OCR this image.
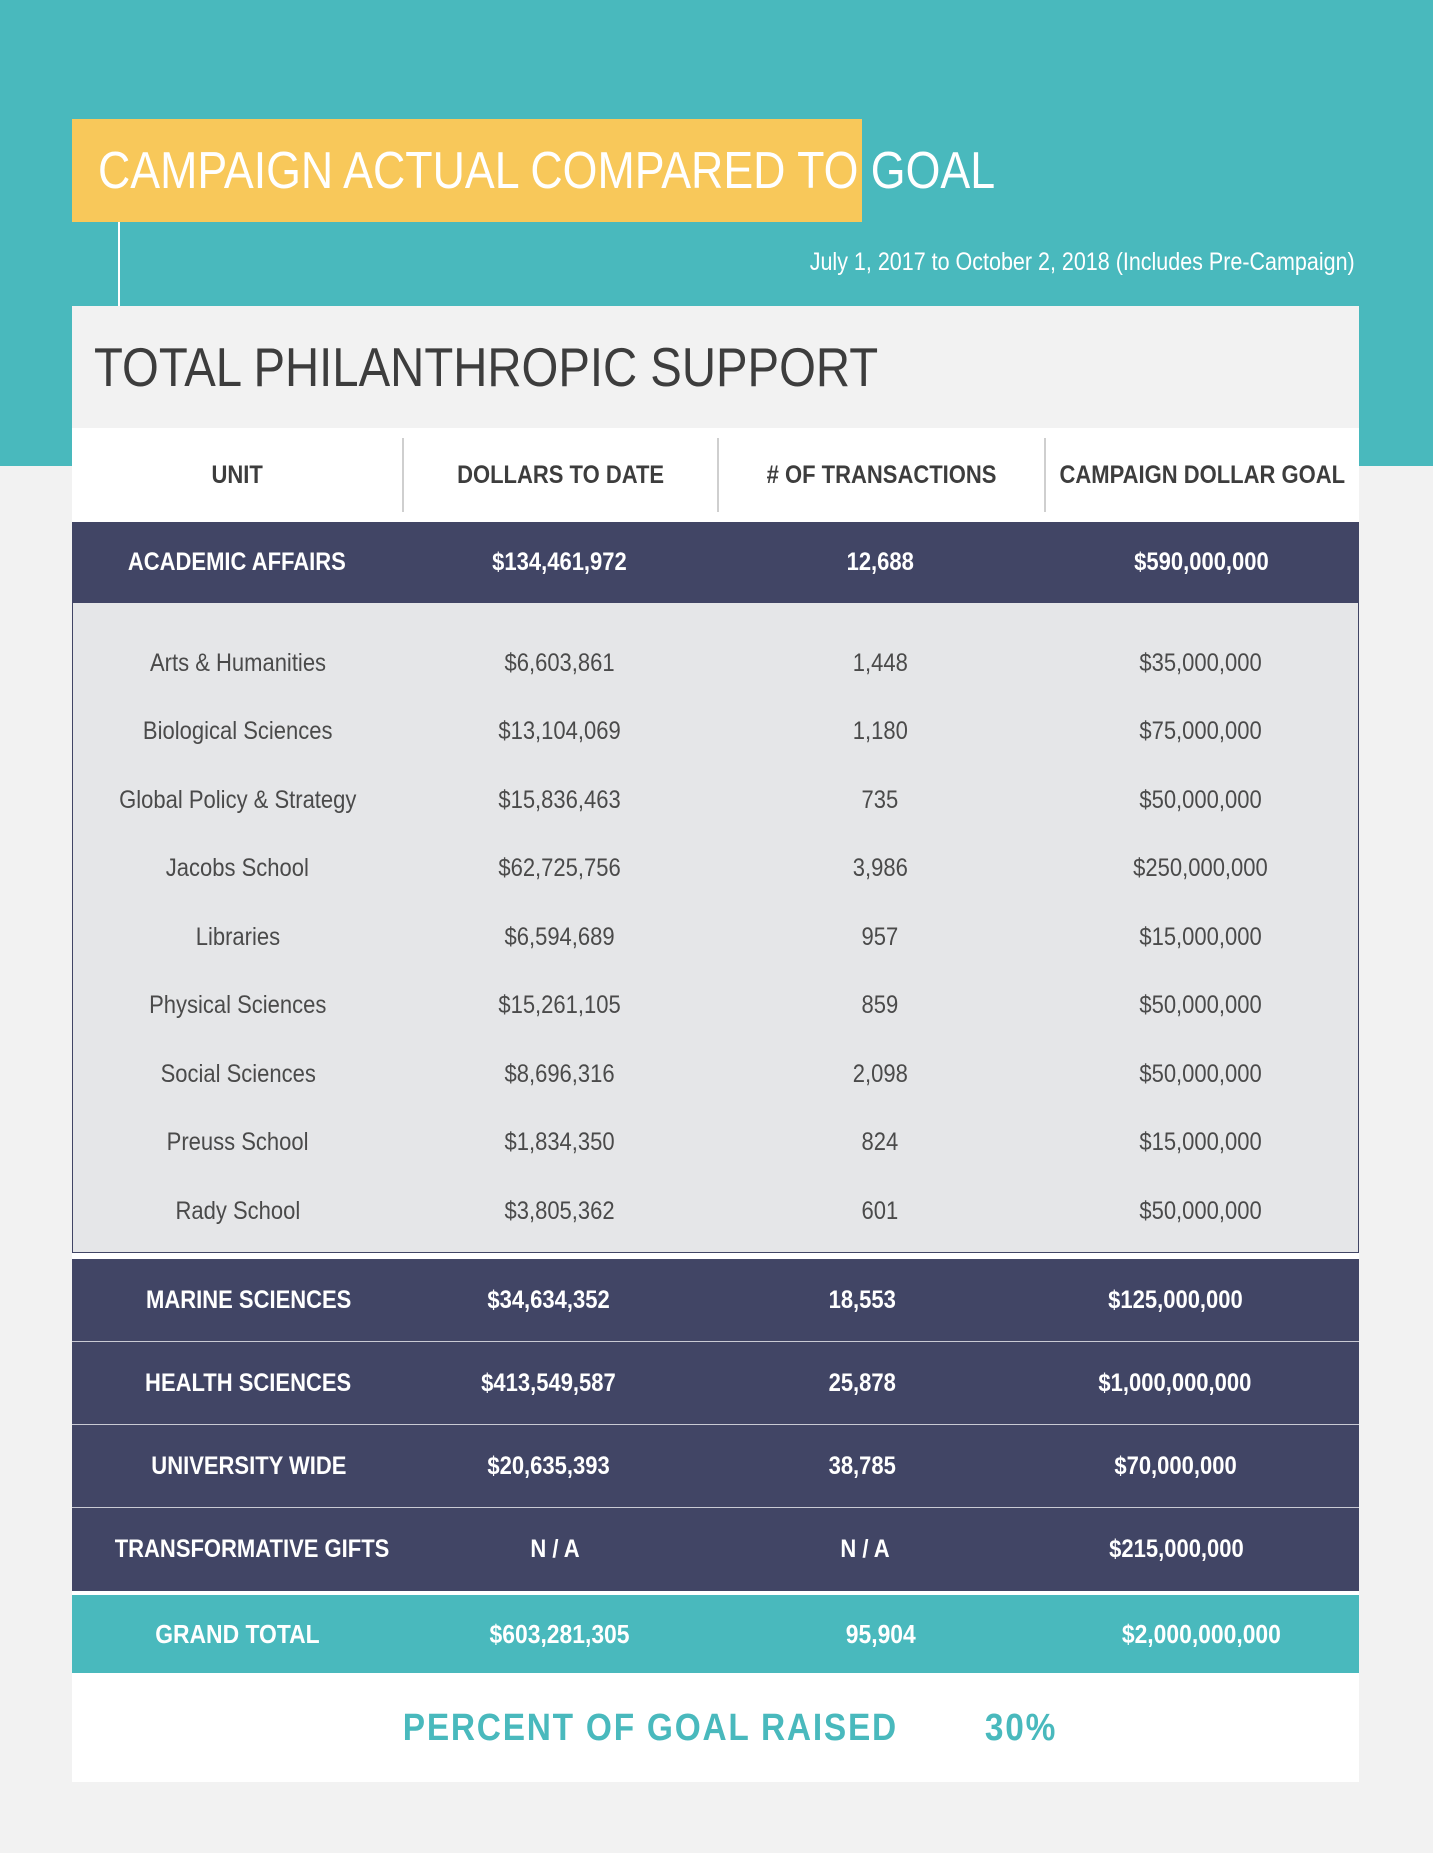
CAMPAIGN ACTUAL COMPARED TO GOAL
July 1, 2017 to October 2, 2018 (Includes Pre-Campaign)
TOTAL PHILANTHROPIC SUPPORT
UNIT	DOLLARS TO DATE	# OF TRANSACTIONS	CAMPAIGN DOLLAR GOAL
ACADEMIC AFFAIRS	$134,461,972	12,688	$590,000,000
Arts & Humanities	$6,603,861	1,448	$35,000,000
Biological Sciences	$13,104,069	1,180	$75,000,000
Global Policy & Strategy	$15,836,463	735	$50,000,000
Jacobs School	$62,725,756	3,986	$250,000,000
Libraries	$6,594,689	957	$15,000,000
Physical Sciences	$15,261,105	859	$50,000,000
Social Sciences	$8,696,316	2,098	$50,000,000
Preuss School	$1,834,350	824	$15,000,000
Rady School	$3,805,362	601	$50,000,000
MARINE SCIENCES	$34,634,352	18,553	$125,000,000
HEALTH SCIENCES	$413,549,587	25,878	$1,000,000,000
UNIVERSITY WIDE	$20,635,393	38,785	$70,000,000
TRANSFORMATIVE GIFTS	N / A	N / A	$215,000,000
GRAND TOTAL	$603,281,305	95,904	$2,000,000,000
PERCENT OF GOAL RAISED 30%
